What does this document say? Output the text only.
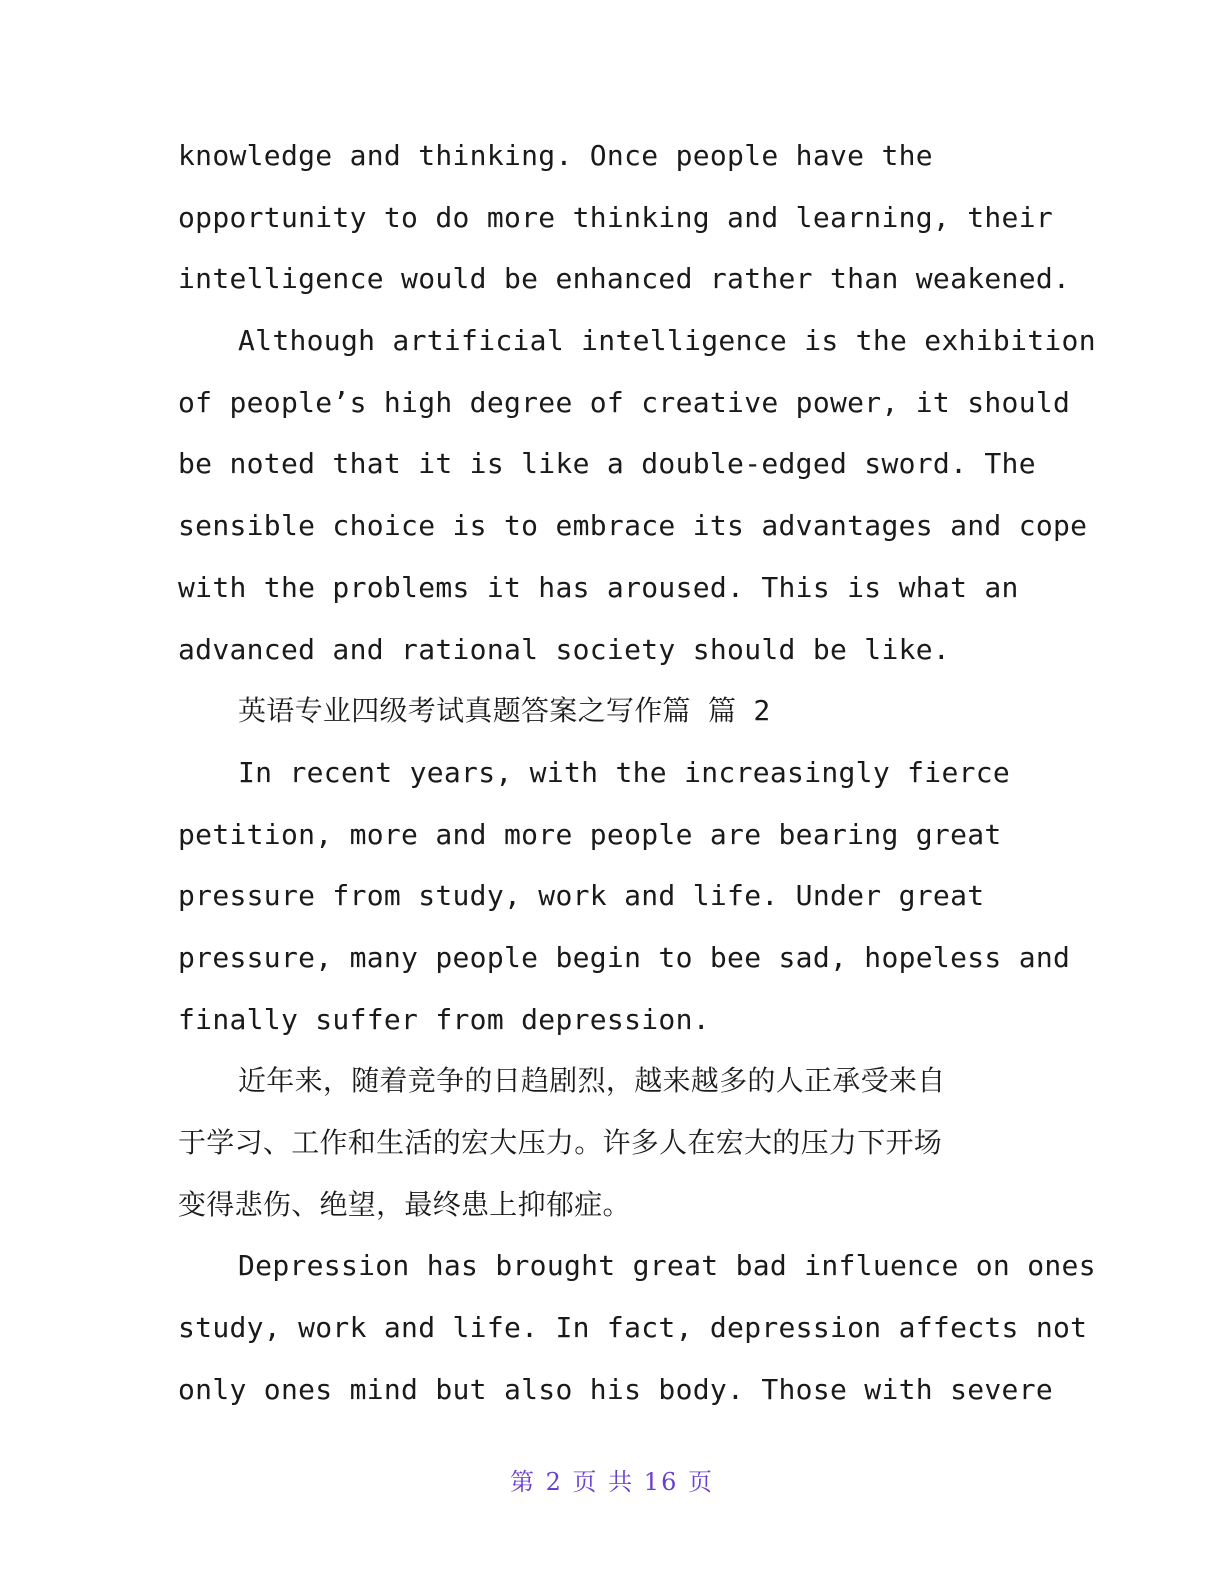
knowledge and thinking. Once people have the
opportunity to do more thinking and learning, their
intelligence would be enhanced rather than weakened.
Although artificial intelligence is the exhibition
of people’s high degree of creative power, it should
be noted that it is like a double-edged sword. The
sensible choice is to embrace its advantages and cope
with the problems it has aroused. This is what an
advanced and rational society should be like.
英语专业四级考试真题答案之写作篇 篇 2
In recent years, with the increasingly fierce
petition, more and more people are bearing great
pressure from study, work and life. Under great
pressure, many people begin to bee sad, hopeless and
finally suffer from depression.
近年来，随着竞争的日趋剧烈，越来越多的人正承受来自
于学习、工作和生活的宏大压力。许多人在宏大的压力下开场
变得悲伤、绝望，最终患上抑郁症。
Depression has brought great bad influence on ones
study, work and life. In fact, depression affects not
only ones mind but also his body. Those with severe
第 2 页 共 16 页
